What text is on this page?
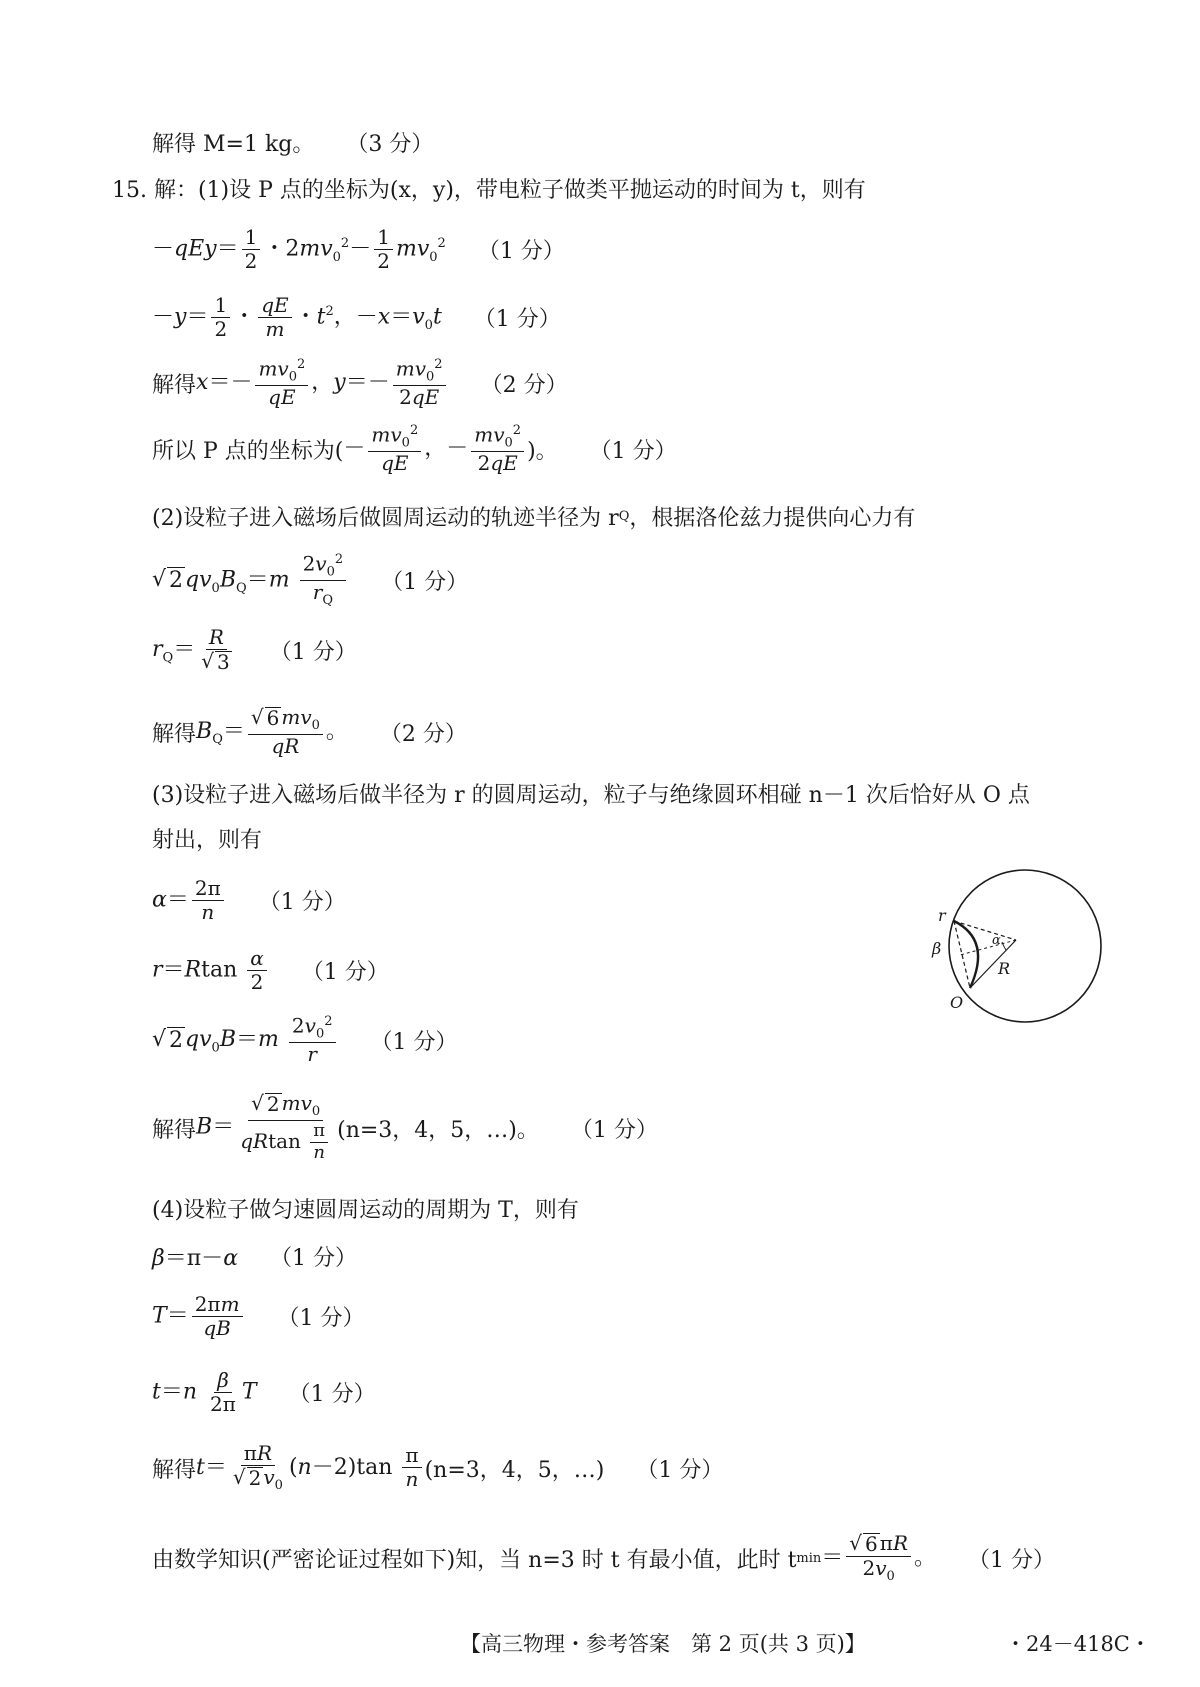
解得 M=1 kg。 （3 分）
15. 解：(1)设 P 点的坐标为(x，y)，带电粒子做类平抛运动的时间为 t，则有
$-qEy= \frac{1}{2}$ ・$2mv_0^2- \frac{1}{2} mv_0^2$ （1 分）
$-y= \frac{1}{2}$ ・ $\frac{qE}{m}$ ・$t^2$，$-x=v_0t$ （1 分）
解得 $x=- \frac{mv_0^2}{qE}$ ，$y=- \frac{mv_0^2}{2qE} (2$ 分）
所以 P 点的坐标为( － $\frac{mv_0^2}{qE}$ ，－ $\frac{mv_0^2}{2qE}$ )。 （1 分）
(2)设粒子进入磁场后做圆周运动的轨迹半径为 r Q ，根据洛伦兹力提供向心力有
√ 2 $qv_0B_Q=m \frac{2v_0^2}{r_Q} (1$ 分）
$r_Q= \frac{R}{√ 3} (1$ 分）
解得 $B_Q= \frac{√ 6 mv_0}{qR}$ 。 （2 分）
(3)设粒子进入磁场后做半径为 r 的圆周运动，粒子与绝缘圆环相碰 n－1 次后恰好从 O 点
射出，则有
$\alpha= \frac{2\pi}{n} (1$ 分）
$r=Rtan \frac{\alpha}{2} (1$ 分）
√ 2 $qv_0B=m \frac{2v_0^2}{r} (1$ 分）
解得 $B= \frac{√ 2 mv_0}{qRtan \frac{\pi}{n}} (n=3$，4，5，…) 。 （1 分）
(4)设粒子做匀速圆周运动的周期为 T，则有
β＝π－α （1 分）
$T= \frac{2\pi m}{qB} (1$ 分）
$t=n \frac{\beta}{2\pi}$ T （1 分）
解得 $t= \frac{\pi R}{√ 2 v_0} (n-2)\tan \frac{\pi}{n} (n=3$，4，5，…) （1 分）
由数学知识(严密论证过程如下)知，当 n=3 时 t 有最小值，此时 t $\min = \frac{√ 6 \pi R}{2v_0}$ 。 （1 分）
r
β	α
R
O
【高三物理・参考答案　第 2 页(共 3 页)】	・24－418C・
